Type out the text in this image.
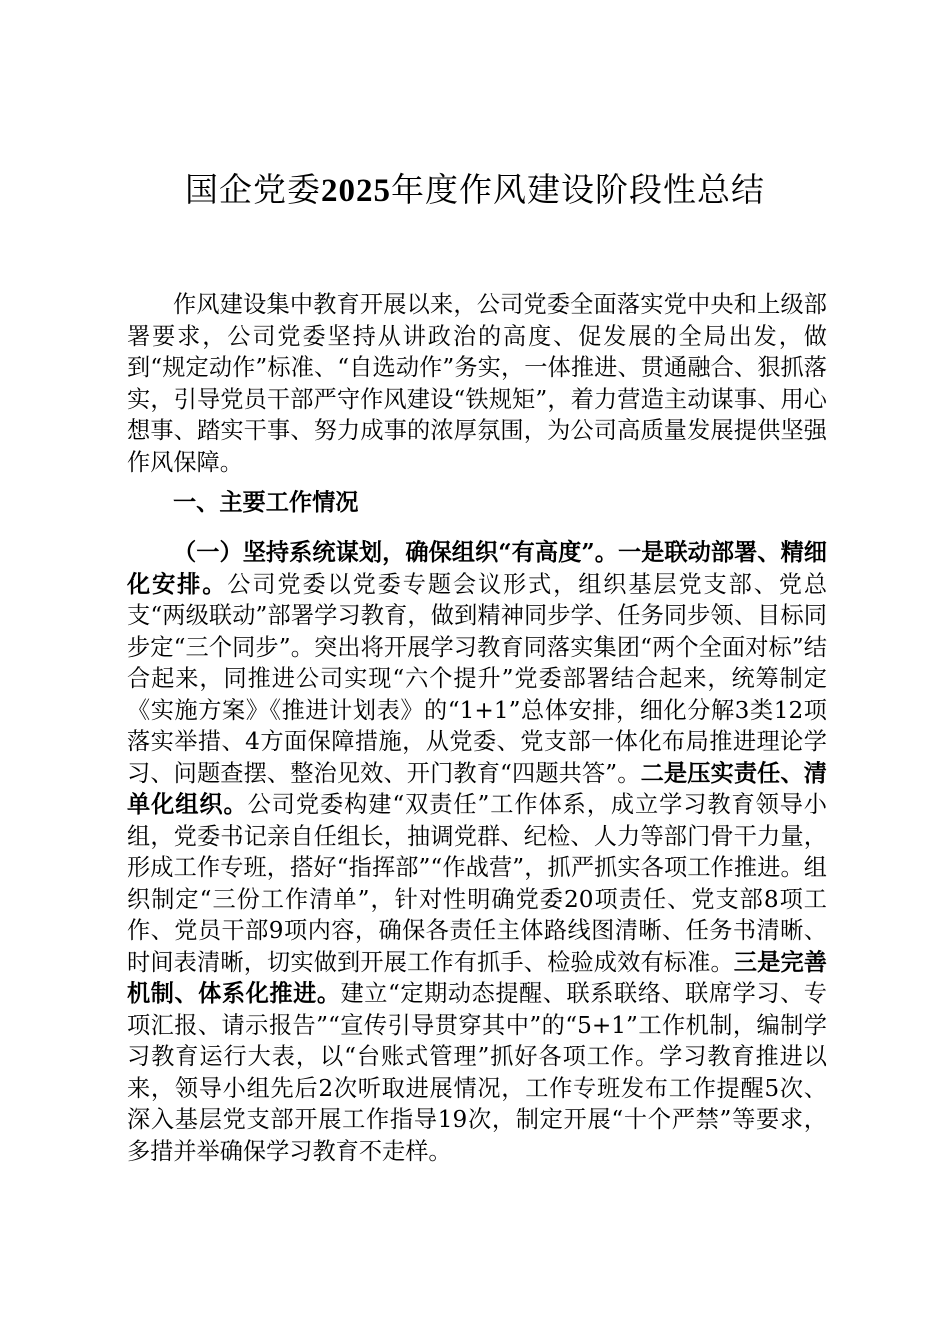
国企党委2025年度作风建设阶段性总结
作风建设集中教育开展以来，公司党委全面落实党中央和上级部署要求，公司党委坚持从讲政治的高度、促发展的全局出发，做到“规定动作”标准、“自选动作”务实，一体推进、贯通融合、狠抓落实，引导党员干部严守作风建设“铁规矩”，着力营造主动谋事、用心想事、踏实干事、努力成事的浓厚氛围，为公司高质量发展提供坚强作风保障。
一、主要工作情况
（一）坚持系统谋划，确保组织“有高度”。一是联动部署、精细化安排。公司党委以党委专题会议形式，组织基层党支部、党总支“两级联动”部署学习教育，做到精神同步学、任务同步领、目标同步定“三个同步”。突出将开展学习教育同落实集团“两个全面对标”结合起来，同推进公司实现“六个提升”党委部署结合起来，统筹制定《实施方案》《推进计划表》的“1+1”总体安排，细化分解3类12项落实举措、4方面保障措施，从党委、党支部一体化布局推进理论学习、问题查摆、整治见效、开门教育“四题共答”。二是压实责任、清单化组织。公司党委构建“双责任”工作体系，成立学习教育领导小组，党委书记亲自任组长，抽调党群、纪检、人力等部门骨干力量，形成工作专班，搭好“指挥部”“作战营”，抓严抓实各项工作推进。组织制定“三份工作清单”，针对性明确党委20项责任、党支部8项工作、党员干部9项内容，确保各责任主体路线图清晰、任务书清晰、时间表清晰，切实做到开展工作有抓手、检验成效有标准。三是完善机制、体系化推进。建立“定期动态提醒、联系联络、联席学习、专项汇报、请示报告”“宣传引导贯穿其中”的“5+1”工作机制，编制学习教育运行大表，以“台账式管理”抓好各项工作。学习教育推进以来，领导小组先后2次听取进展情况，工作专班发布工作提醒5次、深入基层党支部开展工作指导19次，制定开展“十个严禁”等要求，多措并举确保学习教育不走样。
